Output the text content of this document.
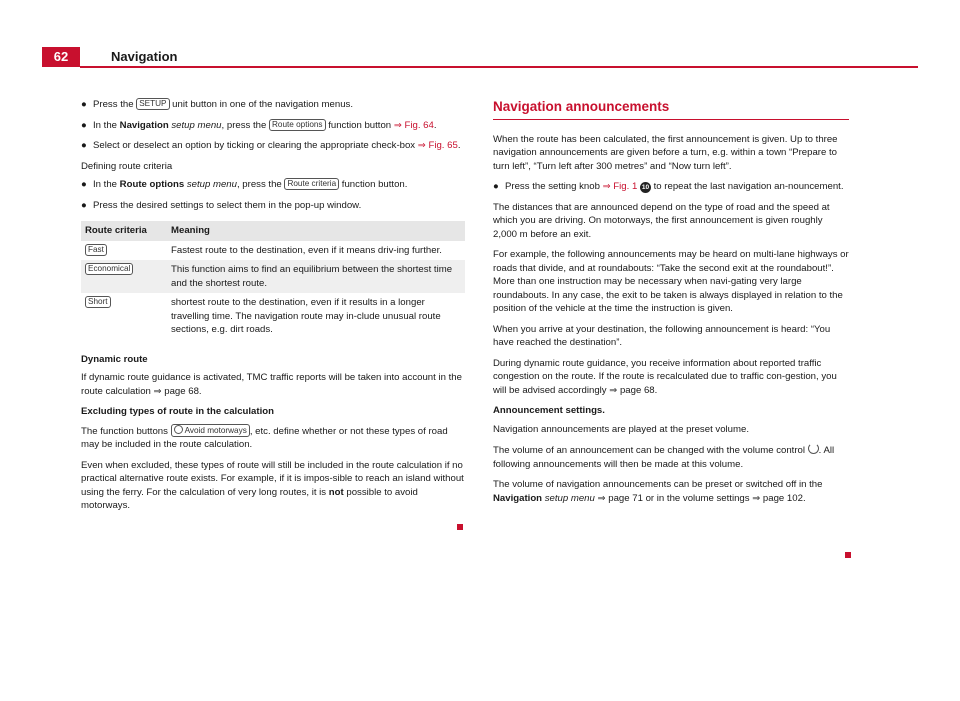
62	Navigation
● Press the SETUP unit button in one of the navigation menus.
● In the Navigation setup menu, press the Route options function button ⇒ Fig. 64.
● Select or deselect an option by ticking or clearing the appropriate check-box ⇒ Fig. 65.

Defining route criteria

● In the Route options setup menu, press the Route criteria function button.
● Press the desired settings to select them in the pop-up window.
Route criteria	Meaning
Fast	Fastest route to the destination, even if it means driv-ing further.
Economical	This function aims to find an equilibrium between the shortest time and the shortest route.
Short	shortest route to the destination, even if it results in a longer travelling time. The navigation route may in-clude unusual route sections, e.g. dirt roads.

Dynamic route

If dynamic route guidance is activated, TMC traffic reports will be taken into account in the route calculation ⇒ page 68.

Excluding types of route in the calculation

The function buttons Avoid motorways , etc. define whether or not these types of road may be included in the route calculation.

Even when excluded, these types of route will still be included in the route calculation if no practical alternative route exists. For example, if it is impos-sible to reach an island without using the ferry. For the calculation of very long routes, it is not possible to avoid motorways.

Navigation announcements

When the route has been calculated, the first announcement is given. Up to three navigation announcements are given before a turn, e.g. within a town “Prepare to turn left”, “Turn left after 300 metres” and “Now turn left”.

● Press the setting knob ⇒ Fig. 1 10 to repeat the last navigation an-nouncement.

The distances that are announced depend on the type of road and the speed at which you are driving. On motorways, the first announcement is given roughly 2,000 m before an exit.

For example, the following announcements may be heard on multi-lane highways or roads that divide, and at roundabouts: “Take the second exit at the roundabout!”. More than one instruction may be necessary when navi-gating very large roundabouts. In any case, the exit to be taken is always displayed in relation to the position of the vehicle at the time the instruction is given.

When you arrive at your destination, the following announcement is heard: “You have reached the destination”.

During dynamic route guidance, you receive information about reported traffic congestion on the route. If the route is recalculated due to traffic con-gestion, you will be advised accordingly ⇒ page 68.

Announcement settings.

Navigation announcements are played at the preset volume.

The volume of an announcement can be changed with the volume control . All following announcements will then be made at this volume.

The volume of navigation announcements can be preset or switched off in the Navigation setup menu ⇒ page 71 or in the volume settings ⇒ page 102.
